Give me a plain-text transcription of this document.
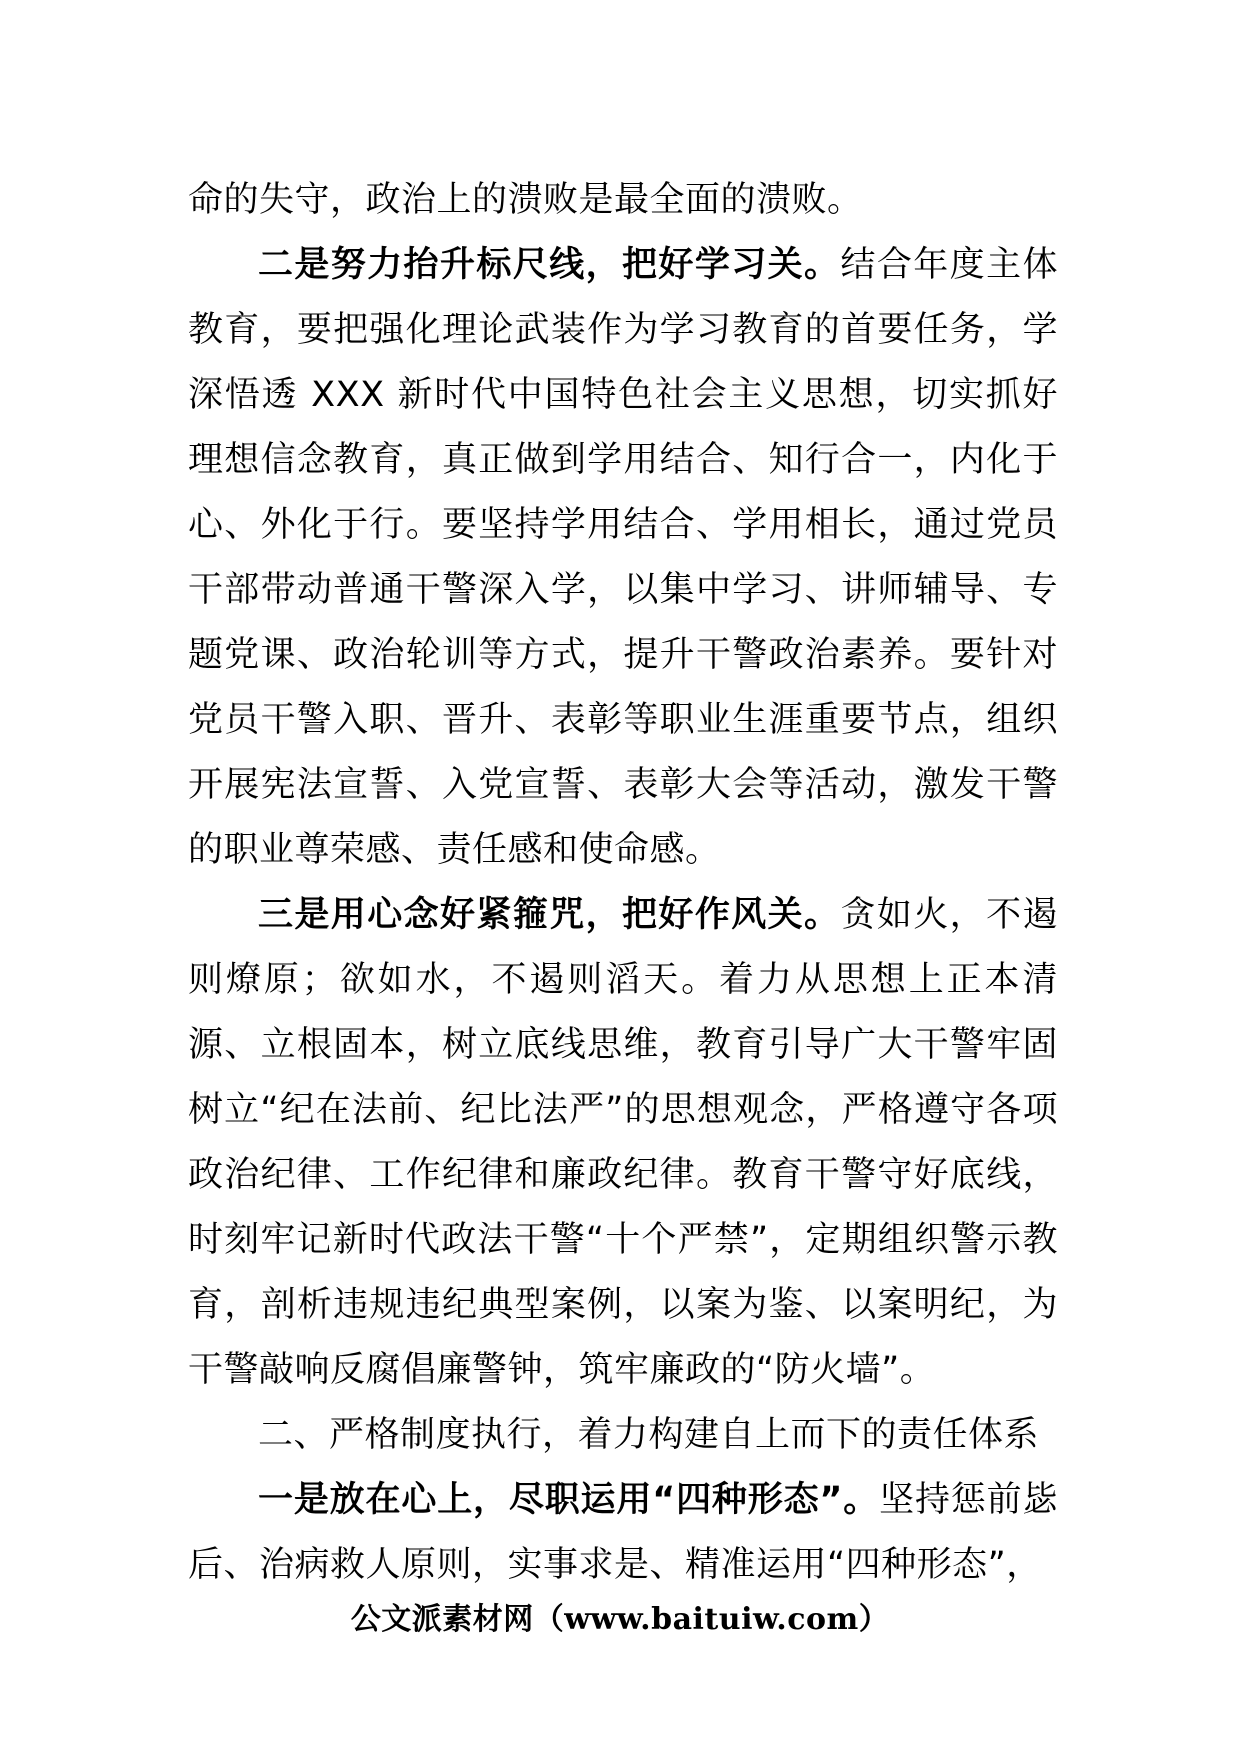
命的失守，政治上的溃败是最全面的溃败。

二是努力抬升标尺线，把好学习关。结合年度主体教育，要把强化理论武装作为学习教育的首要任务，学深悟透 XXX 新时代中国特色社会主义思想，切实抓好理想信念教育，真正做到学用结合、知行合一，内化于心、外化于行。要坚持学用结合、学用相长，通过党员干部带动普通干警深入学，以集中学习、讲师辅导、专题党课、政治轮训等方式，提升干警政治素养。要针对党员干警入职、晋升、表彰等职业生涯重要节点，组织开展宪法宣誓、入党宣誓、表彰大会等活动，激发干警的职业尊荣感、责任感和使命感。

三是用心念好紧箍咒，把好作风关。贪如火，不遏则燎原；欲如水，不遏则滔天。着力从思想上正本清源、立根固本，树立底线思维，教育引导广大干警牢固树立“纪在法前、纪比法严”的思想观念，严格遵守各项政治纪律、工作纪律和廉政纪律。教育干警守好底线，时刻牢记新时代政法干警“十个严禁”，定期组织警示教育，剖析违规违纪典型案例，以案为鉴、以案明纪，为干警敲响反腐倡廉警钟，筑牢廉政的“防火墙”。

二、严格制度执行，着力构建自上而下的责任体系

一是放在心上，尽职运用“四种形态”。坚持惩前毖后、治病救人原则，实事求是、精准运用“四种形态”，

公文派素材网（www.baituiw.com）
